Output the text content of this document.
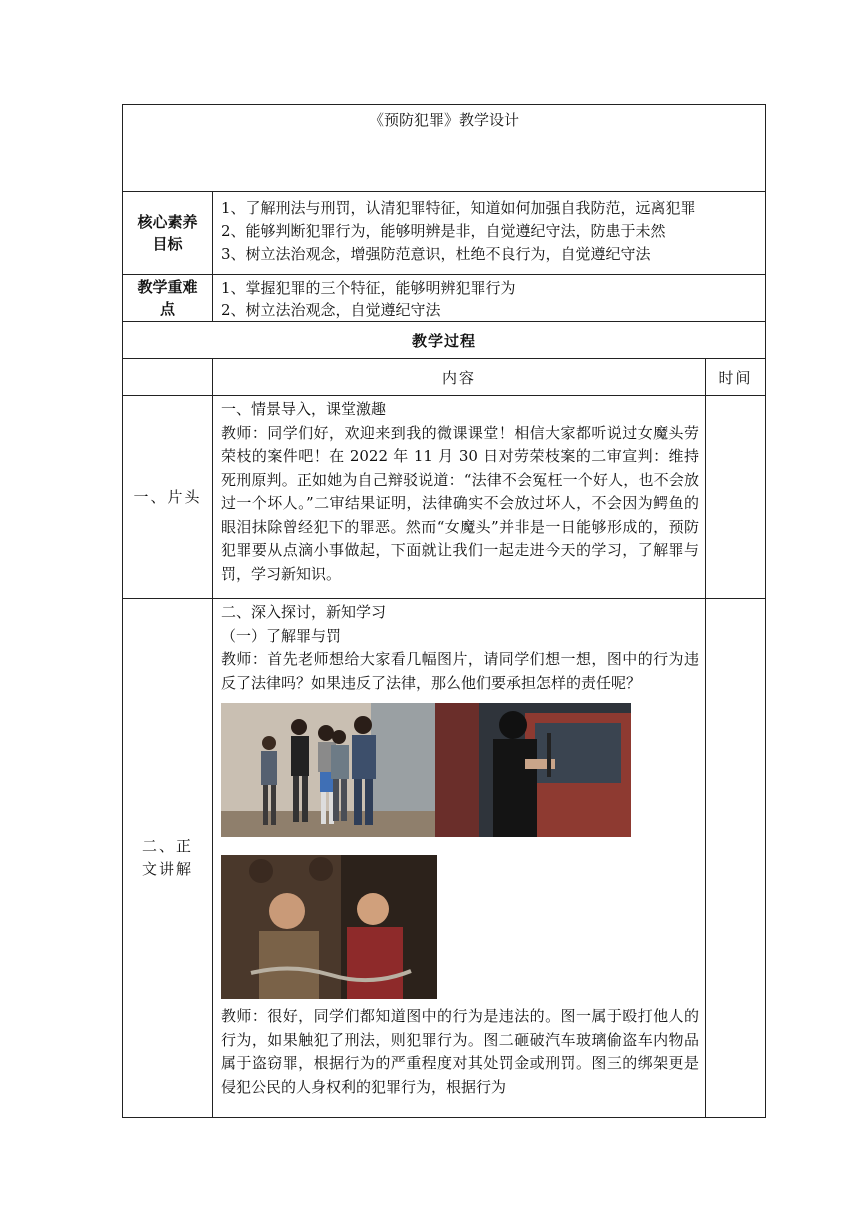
《预防犯罪》教学设计		

核心素养目标	1、了解刑法与刑罚，认清犯罪特征，知道如何加强自我防范，远离犯罪

2、能够判断犯罪行为，能够明辨是非，自觉遵纪守法，防患于未然

3、树立法治观念，增强防范意识，杜绝不良行为，自觉遵纪守法	

教学重难点	1、掌握犯罪的三个特征，能够明辨犯罪行为

2、树立法治观念，自觉遵纪守法	

教学过程		
	内容	时间
一、片头	一、情景导入，课堂激趣

教师：同学们好，欢迎来到我的微课课堂！相信大家都听说过女魔头劳荣枝的案件吧！在 2022 年 11 月 30 日对劳荣枝案的二审宣判：维持死刑原判。正如她为自己辩驳说道：“法律不会冤枉一个好人，也不会放过一个坏人。”二审结果证明，法律确实不会放过坏人，不会因为鳄鱼的眼泪抹除曾经犯下的罪恶。然而“女魔头”并非是一日能够形成的，预防犯罪要从点滴小事做起，下面就让我们一起走进今天的学习，了解罪与罚，学习新知识。	

二、正文讲解	二、深入探讨，新知学习

（一）了解罪与罚

教师：首先老师想给大家看几幅图片，请同学们想一想，图中的行为违反了法律吗？如果违反了法律，那么他们要承担怎样的责任呢？

教师：很好，同学们都知道图中的行为是违法的。图一属于殴打他人的行为，如果触犯了刑法，则犯罪行为。图二砸破汽车玻璃偷盗车内物品属于盗窃罪，根据行为的严重程度对其处罚金或刑罚。图三的绑架更是侵犯公民的人身权利的犯罪行为，根据行为	
